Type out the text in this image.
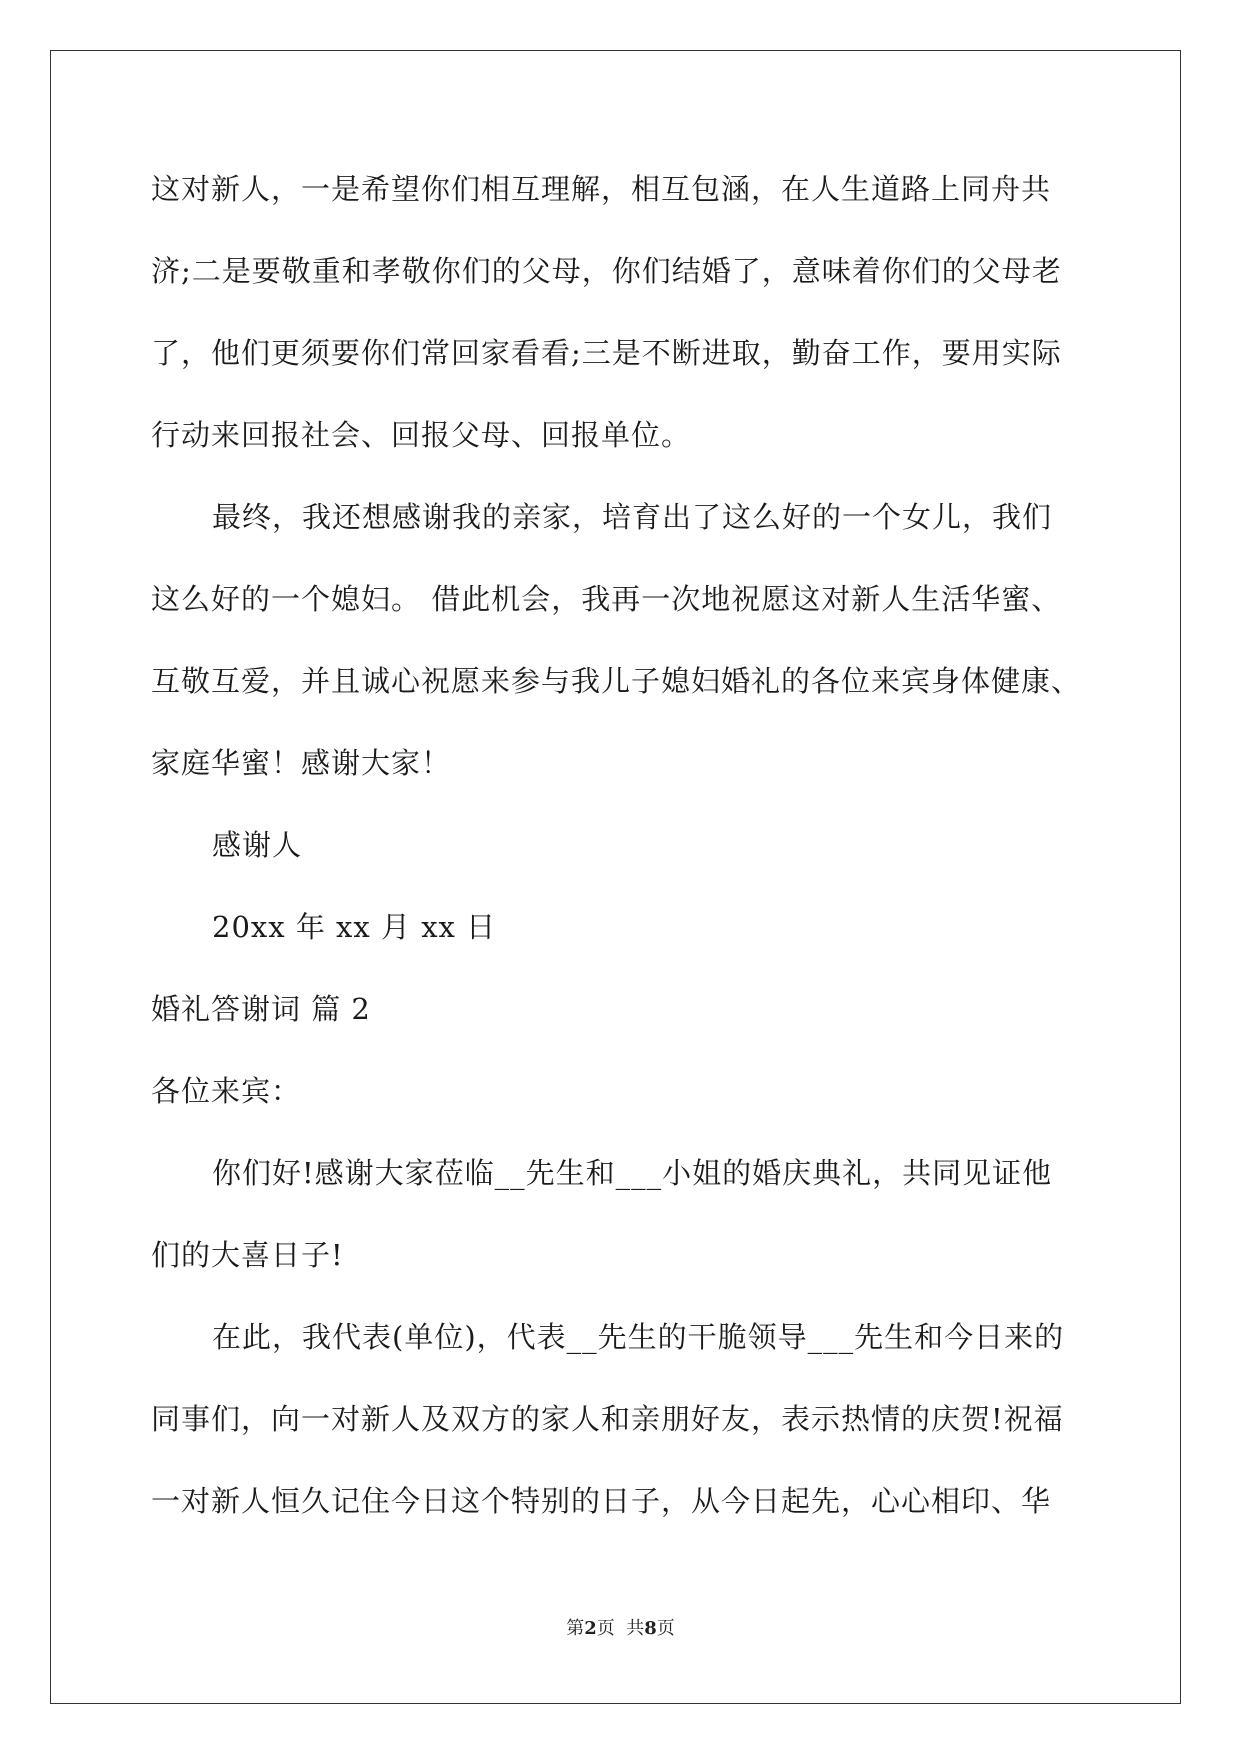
这对新人，一是希望你们相互理解，相互包涵，在人生道路上同舟共
济;二是要敬重和孝敬你们的父母，你们结婚了，意味着你们的父母老
了，他们更须要你们常回家看看;三是不断进取，勤奋工作，要用实际
行动来回报社会、回报父母、回报单位。
最终，我还想感谢我的亲家，培育出了这么好的一个女儿，我们
这么好的一个媳妇。 借此机会，我再一次地祝愿这对新人生活华蜜、
互敬互爱，并且诚心祝愿来参与我儿子媳妇婚礼的各位来宾身体健康、
家庭华蜜！感谢大家！
感谢人
20xx 年 xx 月 xx 日
婚礼答谢词 篇 2
各位来宾：
你们好!感谢大家莅临__先生和___小姐的婚庆典礼，共同见证他
们的大喜日子!
在此，我代表(单位)，代表__先生的干脆领导___先生和今日来的
同事们，向一对新人及双方的家人和亲朋好友，表示热情的庆贺!祝福
一对新人恒久记住今日这个特别的日子，从今日起先，心心相印、华
第2页  共8页
